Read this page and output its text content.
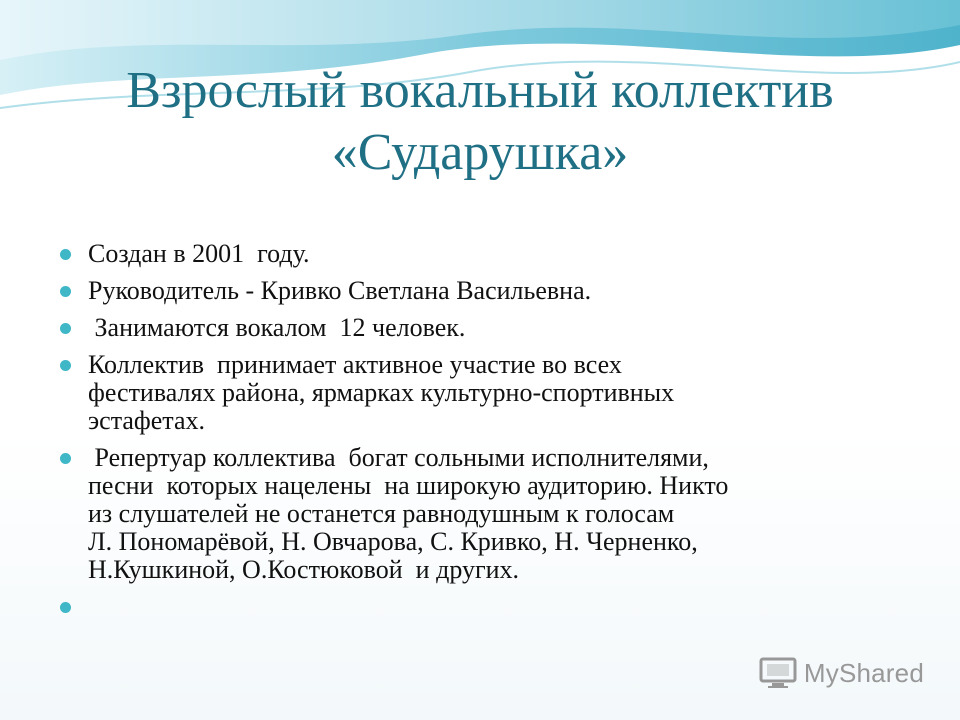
Взрослый вокальный коллектив
«Сударушка»
Создан в 2001  году.
Руководитель - Кривко Светлана Васильевна.
Занимаются вокалом  12 человек.
Коллектив  принимает активное участие во всех
фестивалях района, ярмарках культурно-спортивных
эстафетах.
Репертуар коллектива  богат сольными исполнителями,
песни  которых нацелены  на широкую аудиторию. Никто
из слушателей не останется равнодушным к голосам
Л. Пономарёвой, Н. Овчарова, С. Кривко, Н. Черненко,
Н.Кушкиной, О.Костюковой  и других.
MyShared
